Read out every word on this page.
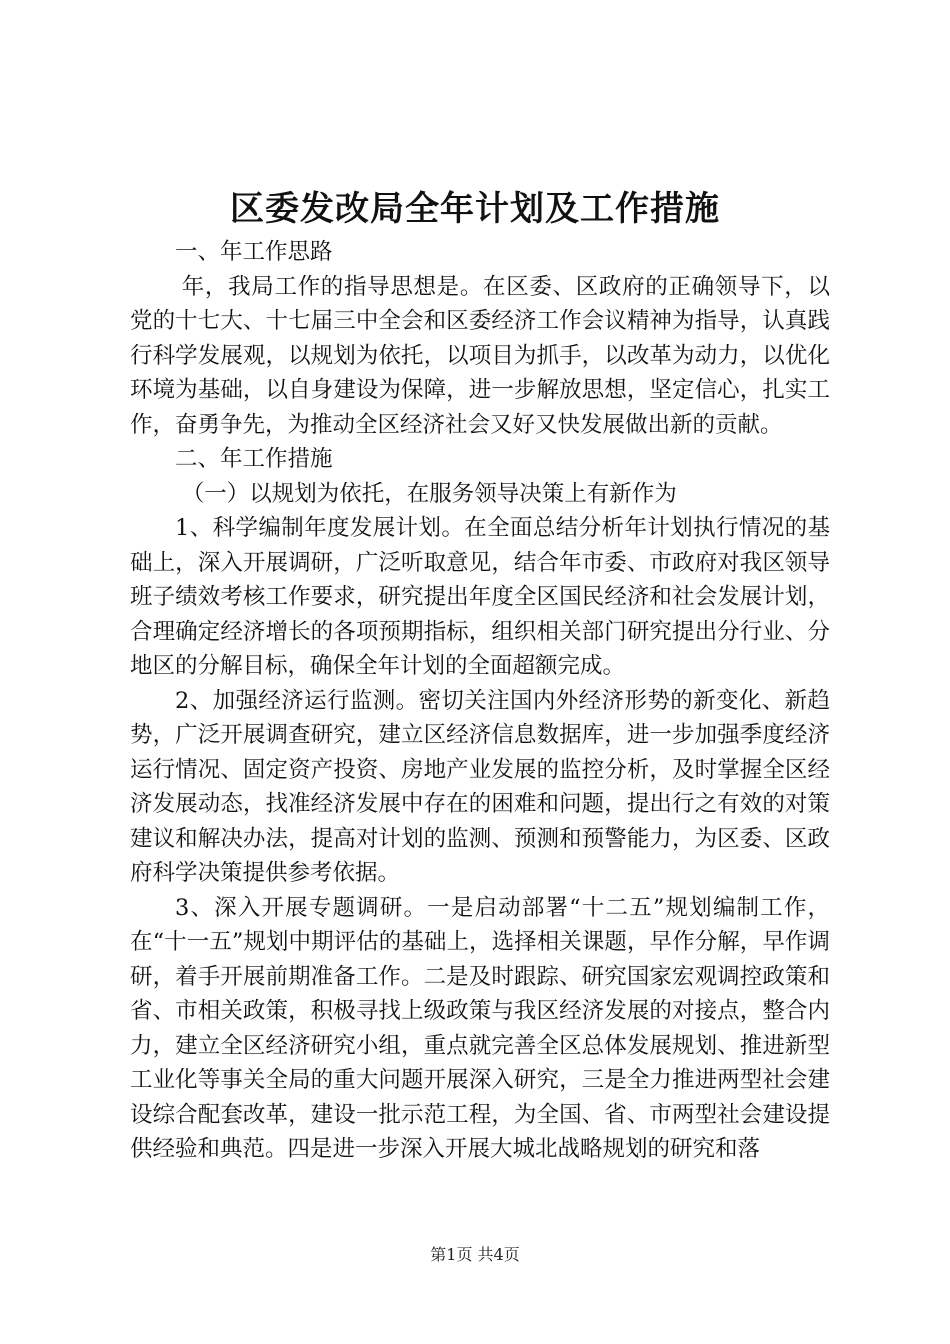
区委发改局全年计划及工作措施

一、年工作思路

年，我局工作的指导思想是。在区委、区政府的正确领导下，以党的十七大、十七届三中全会和区委经济工作会议精神为指导，认真践行科学发展观，以规划为依托，以项目为抓手，以改革为动力，以优化环境为基础，以自身建设为保障，进一步解放思想，坚定信心，扎实工作，奋勇争先，为推动全区经济社会又好又快发展做出新的贡献。

二、年工作措施

（一）以规划为依托，在服务领导决策上有新作为

1、科学编制年度发展计划。在全面总结分析年计划执行情况的基础上，深入开展调研，广泛听取意见，结合年市委、市政府对我区领导班子绩效考核工作要求，研究提出年度全区国民经济和社会发展计划，合理确定经济增长的各项预期指标，组织相关部门研究提出分行业、分地区的分解目标，确保全年计划的全面超额完成。

2、加强经济运行监测。密切关注国内外经济形势的新变化、新趋势，广泛开展调查研究，建立区经济信息数据库，进一步加强季度经济运行情况、固定资产投资、房地产业发展的监控分析，及时掌握全区经济发展动态，找准经济发展中存在的困难和问题，提出行之有效的对策建议和解决办法，提高对计划的监测、预测和预警能力，为区委、区政府科学决策提供参考依据。

3、深入开展专题调研。一是启动部署“十二五”规划编制工作，在“十一五”规划中期评估的基础上，选择相关课题，早作分解，早作调研，着手开展前期准备工作。二是及时跟踪、研究国家宏观调控政策和省、市相关政策，积极寻找上级政策与我区经济发展的对接点，整合内力，建立全区经济研究小组，重点就完善全区总体发展规划、推进新型工业化等事关全局的重大问题开展深入研究，三是全力推进两型社会建设综合配套改革，建设一批示范工程，为全国、省、市两型社会建设提供经验和典范。四是进一步深入开展大城北战略规划的研究和落

第1页 共4页
